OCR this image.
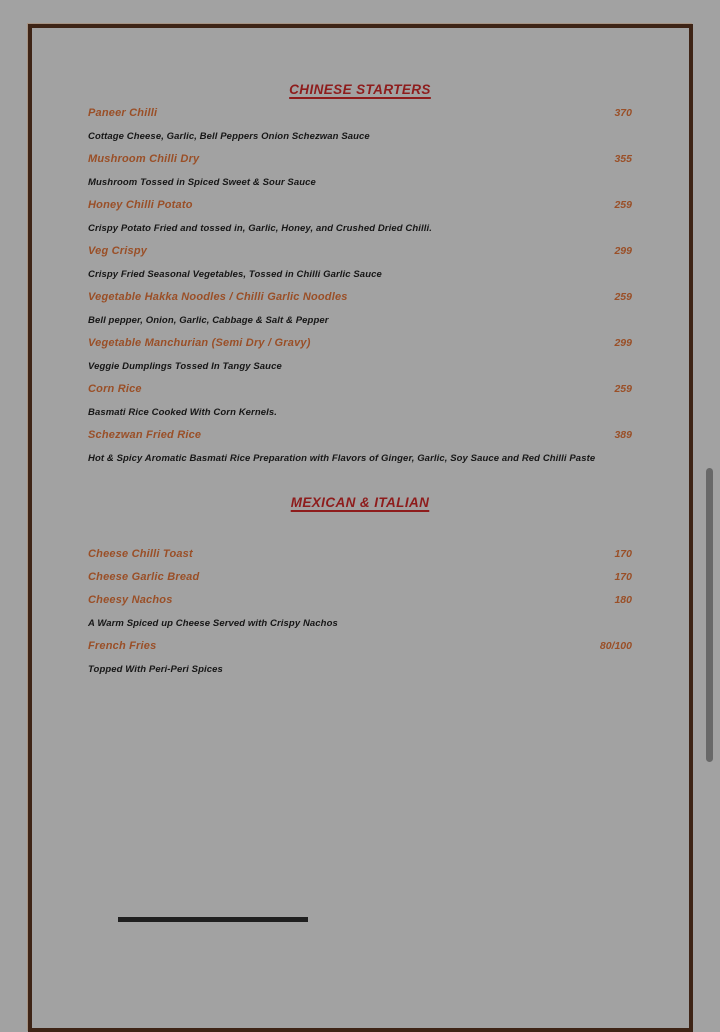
CHINESE STARTERS
Paneer Chilli	370
Cottage Cheese, Garlic, Bell Peppers Onion Schezwan Sauce
Mushroom Chilli Dry	355
Mushroom Tossed in Spiced Sweet & Sour Sauce
Honey Chilli Potato	259
Crispy Potato Fried and tossed in, Garlic, Honey, and Crushed Dried Chilli.
Veg Crispy	299
Crispy Fried Seasonal Vegetables, Tossed in Chilli Garlic Sauce
Vegetable Hakka Noodles / Chilli Garlic Noodles	259
Bell pepper, Onion, Garlic, Cabbage & Salt & Pepper
Vegetable Manchurian (Semi Dry / Gravy)	299
Veggie Dumplings Tossed In Tangy Sauce
Corn Rice	259
Basmati Rice Cooked With Corn Kernels.
Schezwan Fried Rice	389
Hot & Spicy Aromatic Basmati Rice Preparation with Flavors of Ginger, Garlic, Soy Sauce and Red Chilli Paste
MEXICAN & ITALIAN
Cheese Chilli Toast	170
Cheese Garlic Bread	170
Cheesy Nachos	180
A Warm Spiced up Cheese Served with Crispy Nachos
French Fries	80/100
Topped With Peri-Peri Spices
